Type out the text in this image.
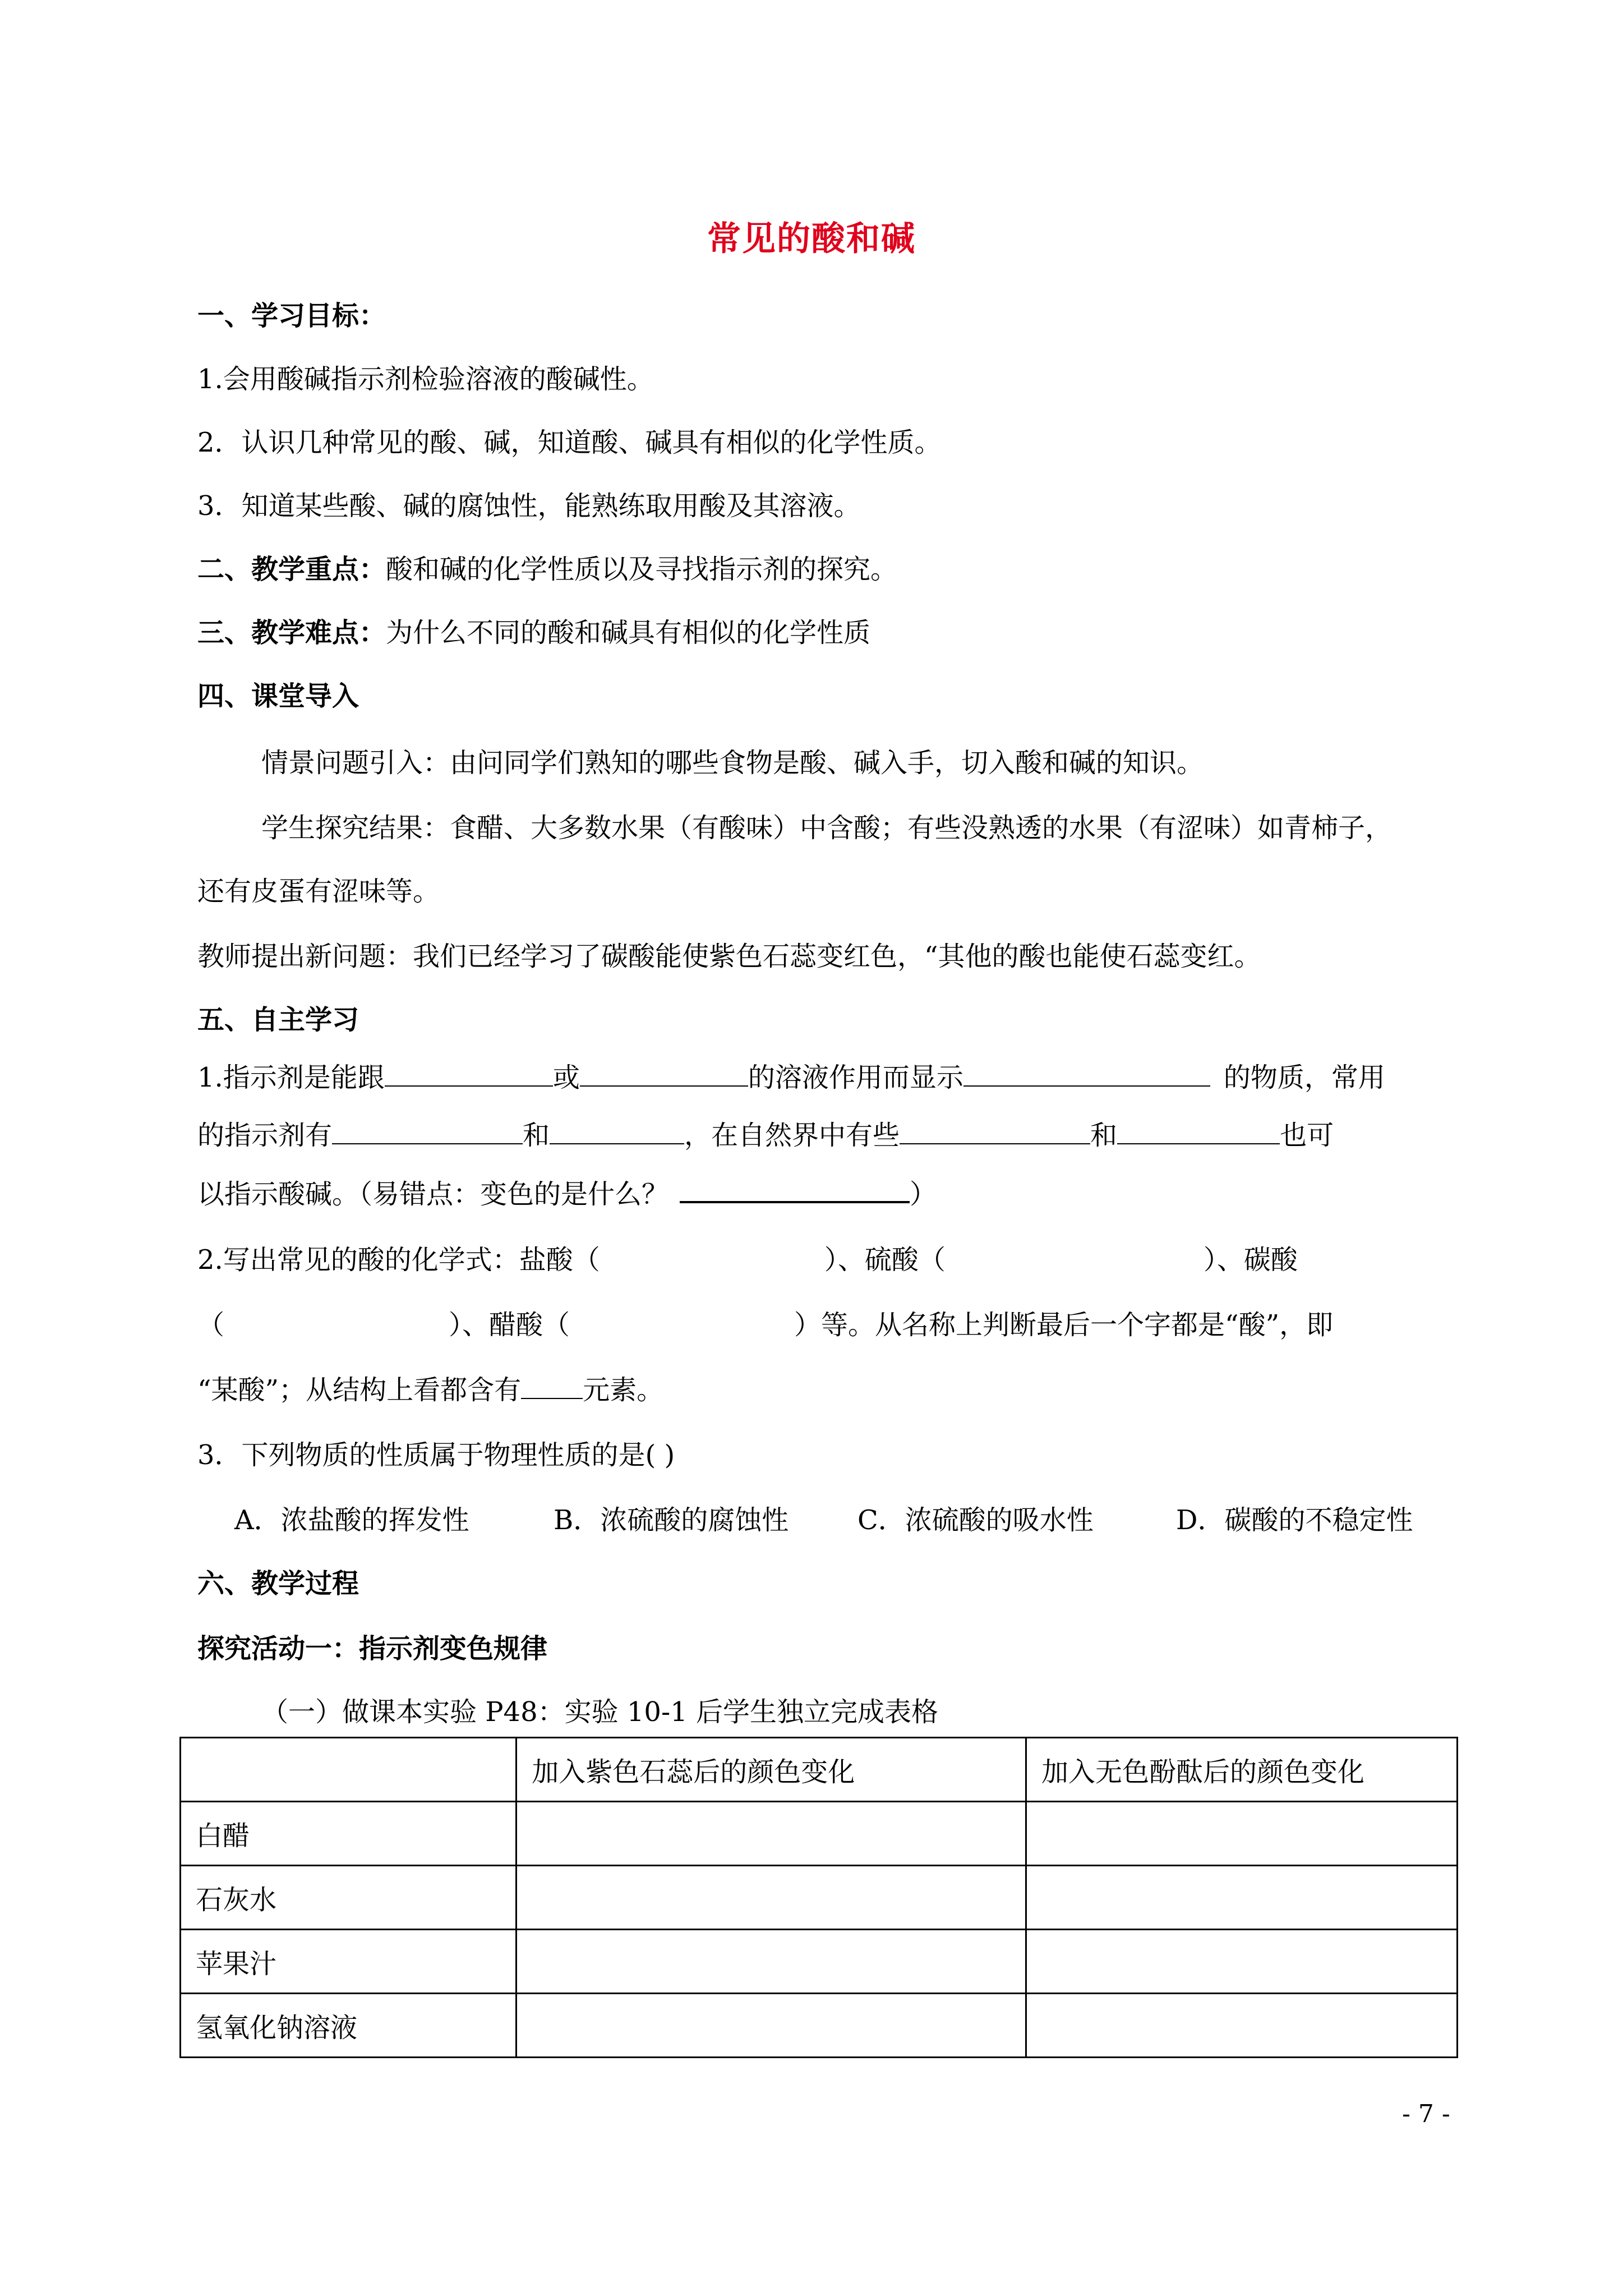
常见的酸和碱
一、学习目标：
1.会用酸碱指示剂检验溶液的酸碱性。
2．认识几种常见的酸、碱，知道酸、碱具有相似的化学性质。
3．知道某些酸、碱的腐蚀性，能熟练取用酸及其溶液。
二、教学重点：酸和碱的化学性质以及寻找指示剂的探究。
三、教学难点：为什么不同的酸和碱具有相似的化学性质
四、课堂导入
情景问题引入：由问同学们熟知的哪些食物是酸、碱入手，切入酸和碱的知识。
学生探究结果：食醋、大多数水果（有酸味）中含酸；有些没熟透的水果（有涩味）如青柿子，
还有皮蛋有涩味等。
教师提出新问题：我们已经学习了碳酸能使紫色石蕊变红色，“其他的酸也能使石蕊变红。
五、自主学习
1.指示剂是能跟	或	的溶液作用而显示	的物质，常用
的指示剂有	和	，在自然界中有些	和	也可
以指示酸碱。（易错点：变色的是什么？	）
2.写出常见的酸的化学式：盐酸（	）、硫酸（	）、碳酸
（	）、醋酸（	）等。从名称上判断最后一个字都是“酸”，即
“某酸”；从结构上看都含有 元素。
3．下列物质的性质属于物理性质的是( )
A．浓盐酸的挥发性	B．浓硫酸的腐蚀性	C．浓硫酸的吸水性	D．碳酸的不稳定性
六、教学过程
探究活动一：指示剂变色规律
（一）做课本实验 P48：实验 10-1 后学生独立完成表格
	加入紫色石蕊后的颜色变化	加入无色酚酞后的颜色变化
白醋		
石灰水		
苹果汁		
氢氧化钠溶液		
- 7 -
